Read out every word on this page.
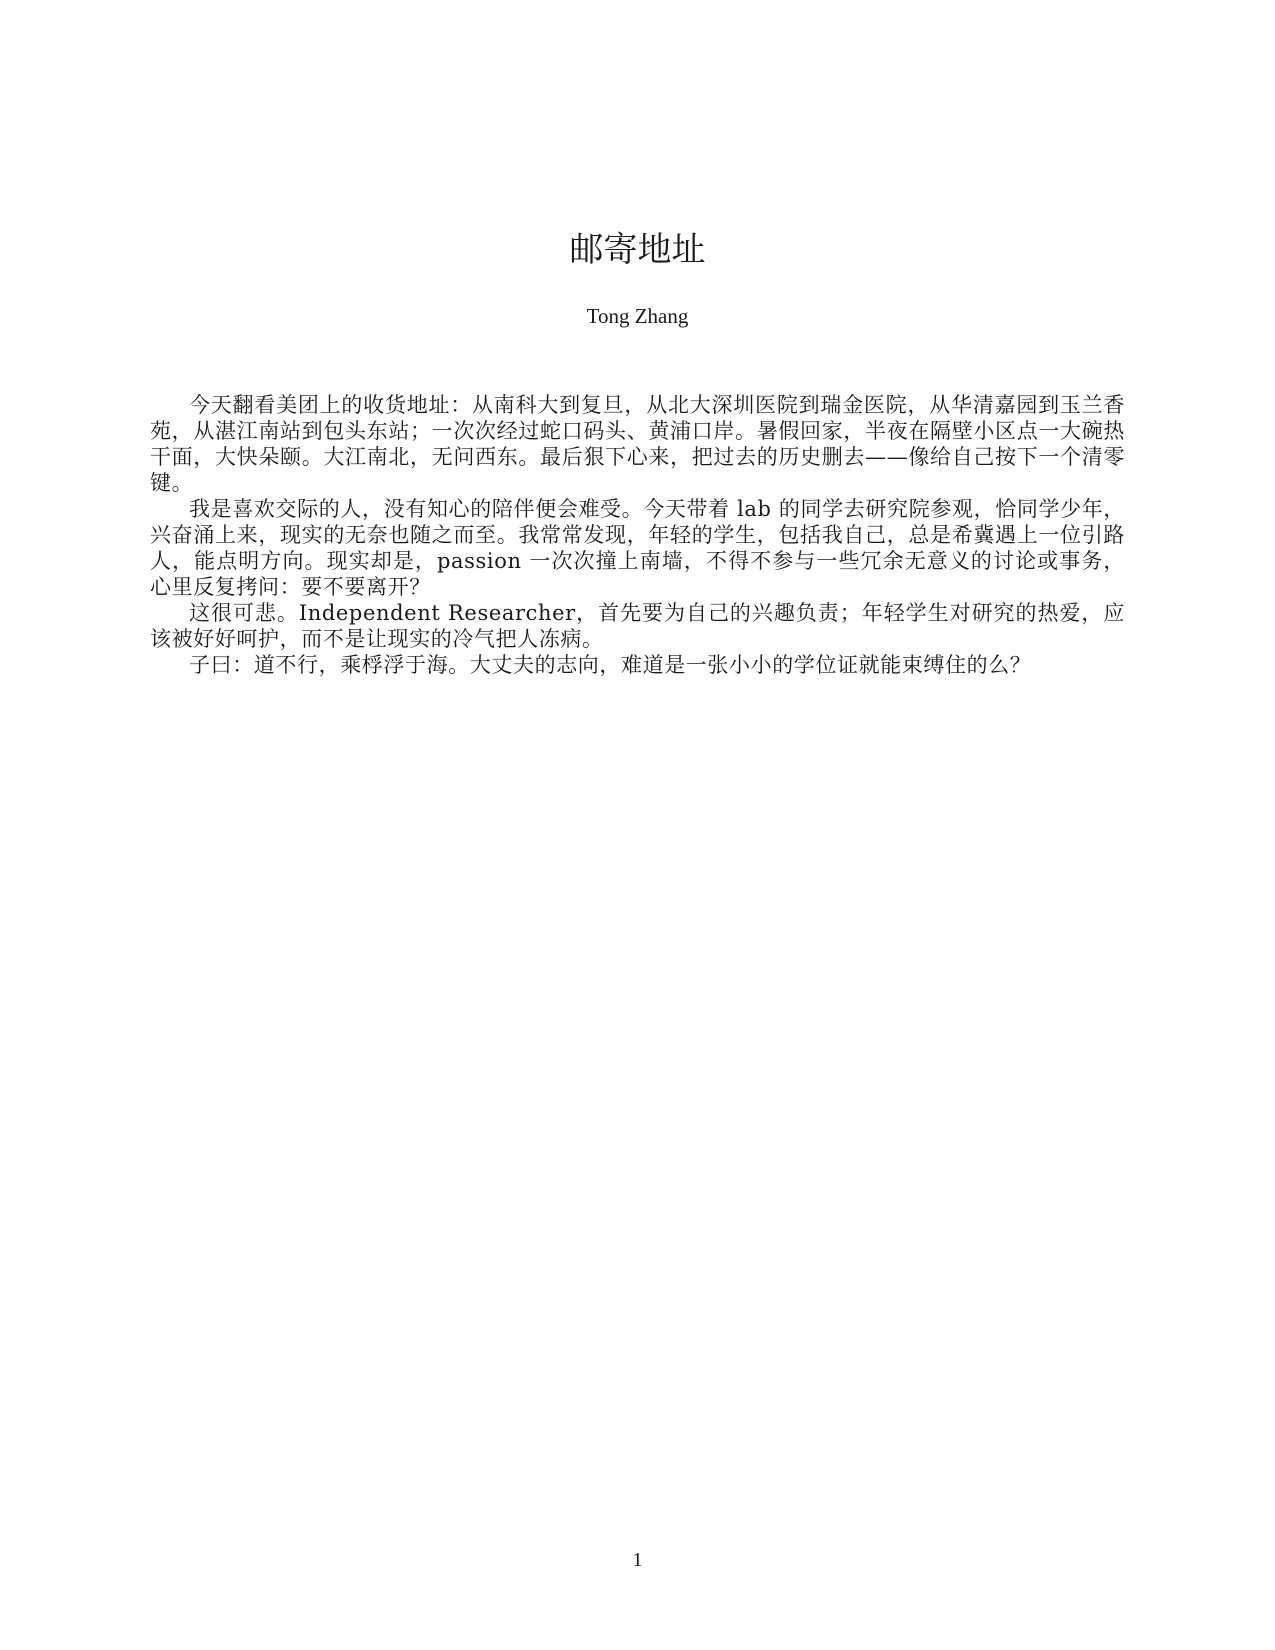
邮寄地址
Tong Zhang

今天翻看美团上的收货地址：从南科大到复旦，从北大深圳医院到瑞金医院，从华清嘉园到玉兰香苑，从湛江南站到包头东站；一次次经过蛇口码头、黄浦口岸。暑假回家，半夜在隔壁小区点一大碗热干面，大快朵颐。大江南北，无问西东。最后狠下心来，把过去的历史删去——像给自己按下一个清零键。

我是喜欢交际的人，没有知心的陪伴便会难受。今天带着 lab 的同学去研究院参观，恰同学少年，兴奋涌上来，现实的无奈也随之而至。我常常发现，年轻的学生，包括我自己，总是希冀遇上一位引路人，能点明方向。现实却是，passion 一次次撞上南墙，不得不参与一些冗余无意义的讨论或事务，心里反复拷问：要不要离开？

这很可悲。Independent Researcher，首先要为自己的兴趣负责；年轻学生对研究的热爱，应该被好好呵护，而不是让现实的冷气把人冻病。

子曰：道不行，乘桴浮于海。大丈夫的志向，难道是一张小小的学位证就能束缚住的么？

1
